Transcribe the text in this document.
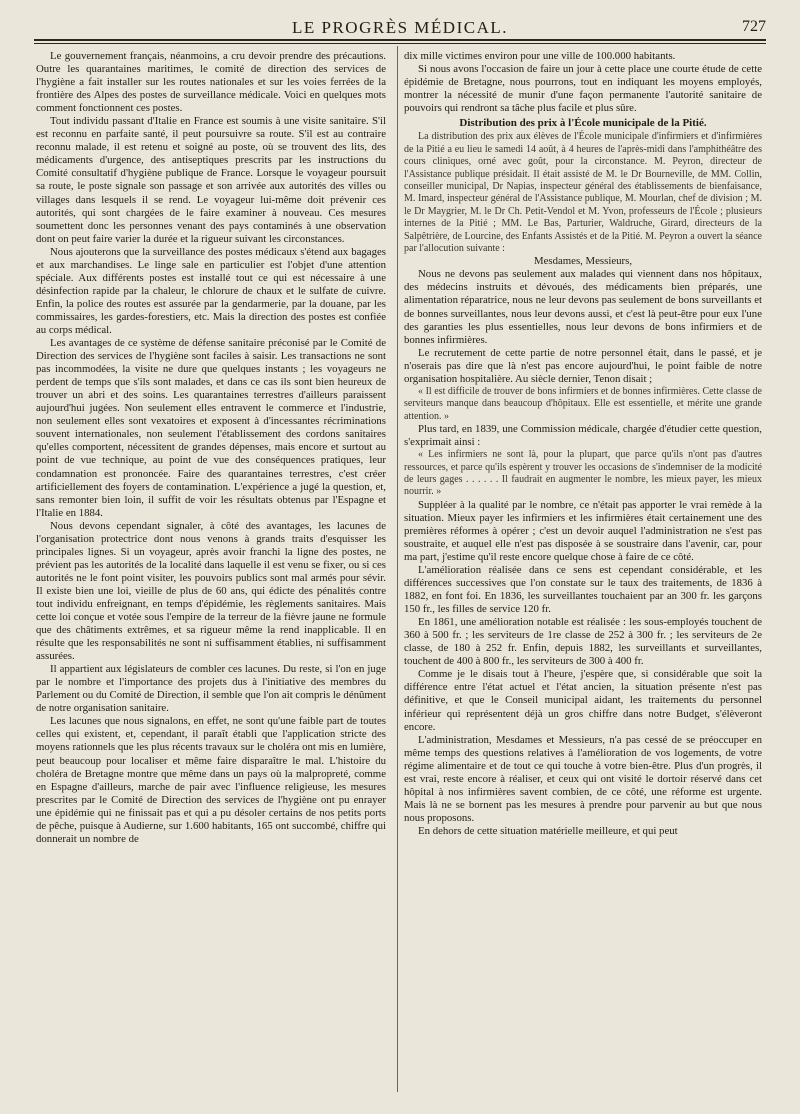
LE PROGRÈS MÉDICAL.	727

Le gouvernement français, néanmoins, a cru devoir prendre des précautions. Outre les quarantaines maritimes, le comité de direction des services de l'hygiène a fait installer sur les routes nationales et sur les voies ferrées de la frontière des Alpes des postes de surveillance médicale. Voici en quelques mots comment fonctionnent ces postes.

Tout individu passant d'Italie en France est soumis à une visite sanitaire. S'il est reconnu en parfaite santé, il peut poursuivre sa route. S'il est au contraire reconnu malade, il est retenu et soigné au poste, où se trouvent des lits, des médicaments d'urgence, des antiseptiques prescrits par les instructions du Comité consultatif d'hygiène publique de France. Lorsque le voyageur poursuit sa route, le poste signale son passage et son arrivée aux autorités des villes ou villages dans lesquels il se rend. Le voyageur lui-même doit prévenir ces autorités, qui sont chargées de le faire examiner à nouveau. Ces mesures soumettent donc les personnes venant des pays contaminés à une observation dont on peut faire varier la durée et la rigueur suivant les circonstances.

Nous ajouterons que la surveillance des postes médicaux s'étend aux bagages et aux marchandises. Le linge sale en particulier est l'objet d'une attention spéciale. Aux différents postes est installé tout ce qui est nécessaire à une désinfection rapide par la chaleur, le chlorure de chaux et le sulfate de cuivre. Enfin, la police des routes est assurée par la gendarmerie, par la douane, par les commissaires, les gardes-forestiers, etc. Mais la direction des postes est confiée au corps médical.

Les avantages de ce système de défense sanitaire préconisé par le Comité de Direction des services de l'hygiène sont faciles à saisir. Les transactions ne sont pas incommodées, la visite ne dure que quelques instants ; les voyageurs ne perdent de temps que s'ils sont malades, et dans ce cas ils sont bien heureux de trouver un abri et des soins. Les quarantaines terrestres d'ailleurs paraissent aujourd'hui jugées. Non seulement elles entravent le commerce et l'industrie, non seulement elles sont vexatoires et exposent à d'incessantes récriminations souvent internationales, non seulement l'établissement des cordons sanitaires qu'elles comportent, nécessitent de grandes dépenses, mais encore et surtout au point de vue technique, au point de vue des conséquences pratiques, leur condamnation est prononcée. Faire des quarantaines terrestres, c'est créer artificiellement des foyers de contamination. L'expérience a jugé la question, et, sans remonter bien loin, il suffit de voir les résultats obtenus par l'Espagne et l'Italie en 1884.

Nous devons cependant signaler, à côté des avantages, les lacunes de l'organisation protectrice dont nous venons à grands traits d'esquisser les principales lignes. Si un voyageur, après avoir franchi la ligne des postes, ne prévient pas les autorités de la localité dans laquelle il est venu se fixer, ou si ces autorités ne le font point visiter, les pouvoirs publics sont mal armés pour sévir. Il existe bien une loi, vieille de plus de 60 ans, qui édicte des pénalités contre tout individu enfreignant, en temps d'épidémie, les règlements sanitaires. Mais cette loi conçue et votée sous l'empire de la terreur de la fièvre jaune ne formule que des châtiments extrêmes, et sa rigueur même la rend inapplicable. Il en résulte que les responsabilités ne sont ni suffisamment établies, ni suffisamment assurées.

Il appartient aux législateurs de combler ces lacunes. Du reste, si l'on en juge par le nombre et l'importance des projets dus à l'initiative des membres du Parlement ou du Comité de Direction, il semble que l'on ait compris le dénûment de notre organisation sanitaire.

Les lacunes que nous signalons, en effet, ne sont qu'une faible part de toutes celles qui existent, et, cependant, il paraît établi que l'application stricte des moyens rationnels que les plus récents travaux sur le choléra ont mis en lumière, peut beaucoup pour localiser et même faire disparaître le mal. L'histoire du choléra de Bretagne montre que même dans un pays où la malpropreté, comme en Espagne d'ailleurs, marche de pair avec l'influence religieuse, les mesures prescrites par le Comité de Direction des services de l'hygiène ont pu enrayer une épidémie qui ne finissait pas et qui a pu désoler certains de nos petits ports de pêche, puisque à Audierne, sur 1.600 habitants, 165 ont succombé, chiffre qui donnerait un nombre de

dix mille victimes environ pour une ville de 100.000 habitants.

Si nous avons l'occasion de faire un jour à cette place une courte étude de cette épidémie de Bretagne, nous pourrons, tout en indiquant les moyens employés, montrer la nécessité de munir d'une façon permanente l'autorité sanitaire de pouvoirs qui rendront sa tâche plus facile et plus sûre.

Distribution des prix à l'École municipale de la Pitié.

La distribution des prix aux élèves de l'École municipale d'infirmiers et d'infirmières de la Pitié a eu lieu le samedi 14 août, à 4 heures de l'après-midi dans l'amphithéâtre des cours cliniques, orné avec goût, pour la circonstance. M. Peyron, directeur de l'Assistance publique présidait. Il était assisté de M. le Dr Bourneville, de MM. Collin, conseiller municipal, Dr Napias, inspecteur général des établissements de bienfaisance, M. Imard, inspecteur général de l'Assistance publique, M. Mourlan, chef de division ; M. le Dr Maygrier, M. le Dr Ch. Petit-Vendol et M. Yvon, professeurs de l'École ; plusieurs internes de la Pitié ; MM. Le Bas, Parturier, Waldruche, Girard, directeurs de la Salpêtrière, de Lourcine, des Enfants Assistés et de la Pitié. M. Peyron a ouvert la séance par l'allocution suivante :

Mesdames, Messieurs,

Nous ne devons pas seulement aux malades qui viennent dans nos hôpitaux, des médecins instruits et dévoués, des médicaments bien préparés, une alimentation réparatrice, nous ne leur devons pas seulement de bons surveillants et de bonnes surveillantes, nous leur devons aussi, et c'est là peut-être pour eux l'une des garanties les plus essentielles, nous leur devons de bons infirmiers et de bonnes infirmières.

Le recrutement de cette partie de notre personnel était, dans le passé, et je n'oserais pas dire que là n'est pas encore aujourd'hui, le point faible de notre organisation hospitalière. Au siècle dernier, Tenon disait ;

« Il est difficile de trouver de bons infirmiers et de bonnes infirmières. Cette classe de serviteurs manque dans beaucoup d'hôpitaux. Elle est essentielle, et mérite une grande attention. »

Plus tard, en 1839, une Commission médicale, chargée d'étudier cette question, s'exprimait ainsi :

« Les infirmiers ne sont là, pour la plupart, que parce qu'ils n'ont pas d'autres ressources, et parce qu'ils espèrent y trouver les occasions de s'indemniser de la modicité de leurs gages . . . . . . Il faudrait en augmenter le nombre, les mieux payer, les mieux nourrir. »

Suppléer à la qualité par le nombre, ce n'était pas apporter le vrai remède à la situation. Mieux payer les infirmiers et les infirmières était certainement une des premières réformes à opérer ; c'est un devoir auquel l'administration ne s'est pas soustraite, et auquel elle n'est pas disposée à se soustraire dans l'avenir, car, pour ma part, j'estime qu'il reste encore quelque chose à faire de ce côté.

L'amélioration réalisée dans ce sens est cependant considérable, et les différences successives que l'on constate sur le taux des traitements, de 1836 à 1882, en font foi. En 1836, les surveillantes touchaient par an 300 fr. les garçons 150 fr., les filles de service 120 fr.

En 1861, une amélioration notable est réalisée : les sous-employés touchent de 360 à 500 fr. ; les serviteurs de 1re classe de 252 à 300 fr. ; les serviteurs de 2e classe, de 180 à 252 fr. Enfin, depuis 1882, les surveillants et surveillantes, touchent de 400 à 800 fr., les serviteurs de 300 à 400 fr.

Comme je le disais tout à l'heure, j'espère que, si considérable que soit la différence entre l'état actuel et l'état ancien, la situation présente n'est pas définitive, et que le Conseil municipal aidant, les traitements du personnel inférieur qui représentent déjà un gros chiffre dans notre Budget, s'élèveront encore.

L'administration, Mesdames et Messieurs, n'a pas cessé de se préoccuper en même temps des questions relatives à l'amélioration de vos logements, de votre régime alimentaire et de tout ce qui touche à votre bien-être. Plus d'un progrès, il est vrai, reste encore à réaliser, et ceux qui ont visité le dortoir réservé dans cet hôpital à nos infirmières savent combien, de ce côté, une réforme est urgente. Mais là ne se bornent pas les mesures à prendre pour parvenir au but que nous nous proposons.

En dehors de cette situation matérielle meilleure, et qui peut
